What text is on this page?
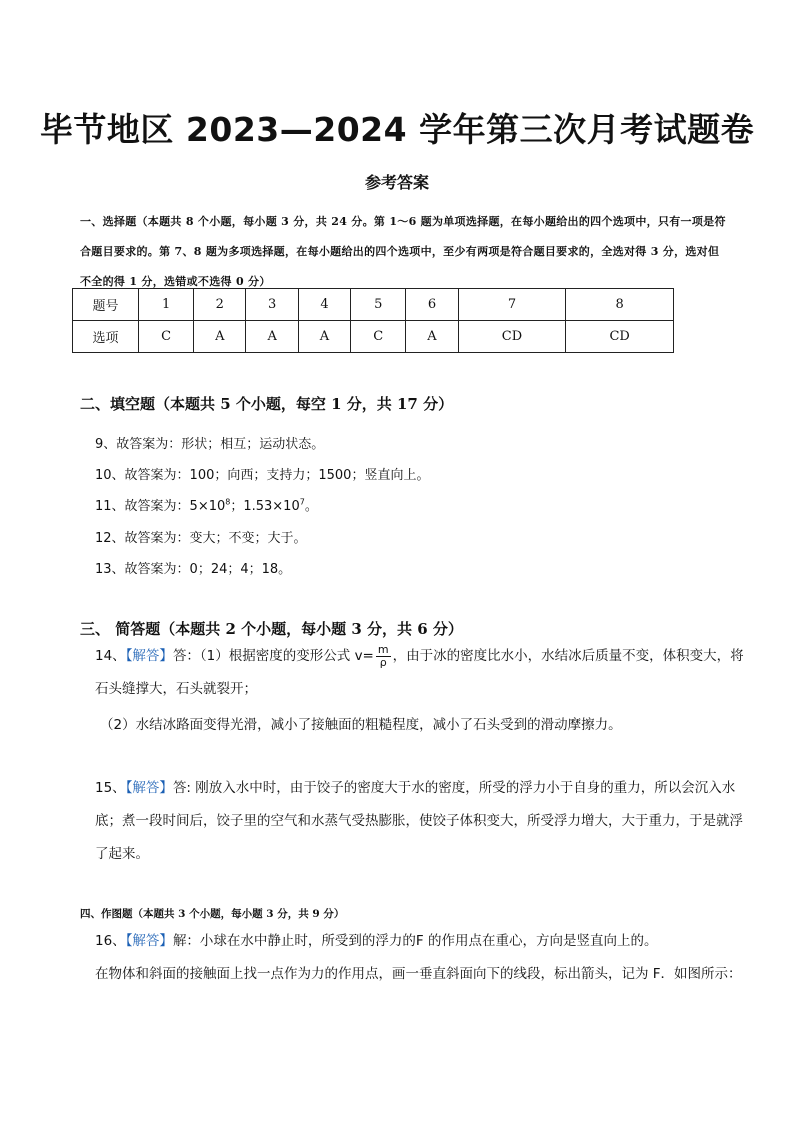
毕节地区 2023—2024 学年第三次月考试题卷
参考答案
一、选择题（本题共 8 个小题，每小题 3 分，共 24 分。第 1～6 题为单项选择题，在每小题给出的四个选项中，只有一项是符合题目要求的。第 7、8 题为多项选择题，在每小题给出的四个选项中，至少有两项是符合题目要求的，全选对得 3 分，选对但不全的得 1 分，选错或不选得 0 分）
题号	1	2	3	4	5	6	7	8
选项	C	A	A	A	C	A	CD	CD
二、填空题（本题共 5 个小题，每空 1 分，共 17 分）
9、故答案为：形状；相互；运动状态。
10、故答案为：100；向西；支持力；1500；竖直向上。
11、故答案为：$5\times 10^8$；$1.53\times 10^7$。
12、故答案为：变大；不变；大于。
13、故答案为：0；24；4；18。
三、 简答题（本题共 2 个小题，每小题 3 分，共 6 分）
14、【解答】答：（1）根据密度的变形公式 $v= \frac{m}{\rho}$ ，由于冰的密度比水小，水结冰后质量不变，体积变大，将石头缝撑大，石头就裂开；
（2）水结冰路面变得光滑，减小了接触面的粗糙程度，减小了石头受到的滑动摩擦力。
15、【解答】答: 刚放入水中时，由于饺子的密度大于水的密度，所受的浮力小于自身的重力，所以会沉入水底；煮一段时间后，饺子里的空气和水蒸气受热膨胀，使饺子体积变大，所受浮力增大，大于重力，于是就浮了起来。
四、作图题（本题共 3 个小题，每小题 3 分，共 9 分）
16、【解答】解：小球在水中静止时，所受到的浮力的F 的作用点在重心，方向是竖直向上的。
在物体和斜面的接触面上找一点作为力的作用点，画一垂直斜面向下的线段，标出箭头，记为 F．如图所示：
